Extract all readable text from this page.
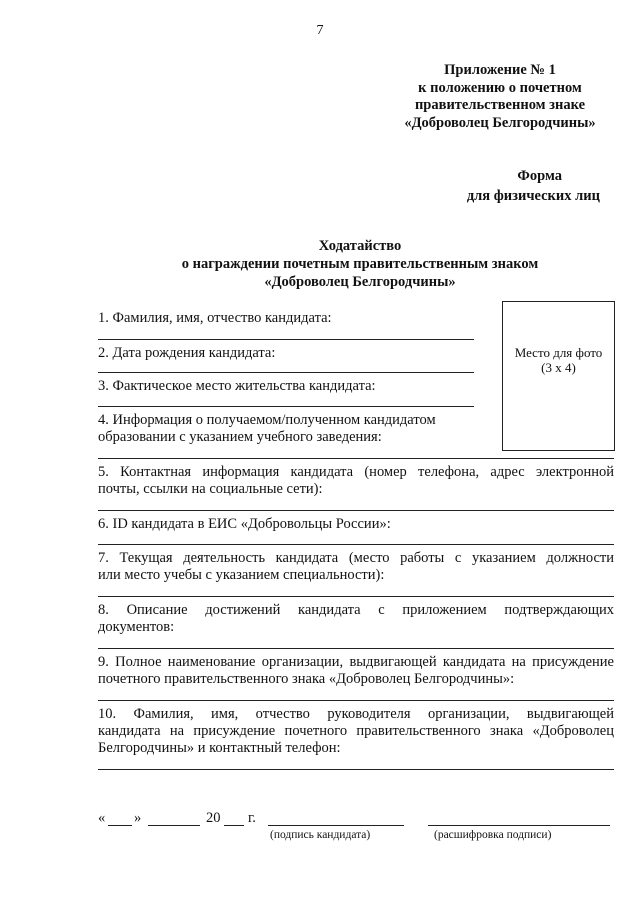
7
Приложение № 1
к положению о почетном
правительственном знаке
«Доброволец Белгородчины»
Форма
для физических лиц
Ходатайство
о награждении почетным правительственным знаком
«Доброволец Белгородчины»
Место для фото
(3 х 4)
1. Фамилия, имя, отчество кандидата:
2. Дата рождения кандидата:
3. Фактическое место жительства кандидата:
4. Информация о получаемом/полученном кандидатом
образовании с указанием учебного заведения:
5. Контактная информация кандидата (номер телефона, адрес электронной
почты, ссылки на социальные сети):
6. ID кандидата в ЕИС «Добровольцы России»:
7. Текущая деятельность кандидата (место работы с указанием должности
или место учебы с указанием специальности):
8. Описание достижений кандидата с приложением подтверждающих
документов:
9. Полное наименование организации, выдвигающей кандидата на присуждение
почетного правительственного знака «Доброволец Белгородчины»:
10. Фамилия, имя, отчество руководителя организации, выдвигающей
кандидата на присуждение почетного правительственного знака «Доброволец
Белгородчины» и контактный телефон:
« »	20 г.
(подпись кандидата)	(расшифровка подписи)
